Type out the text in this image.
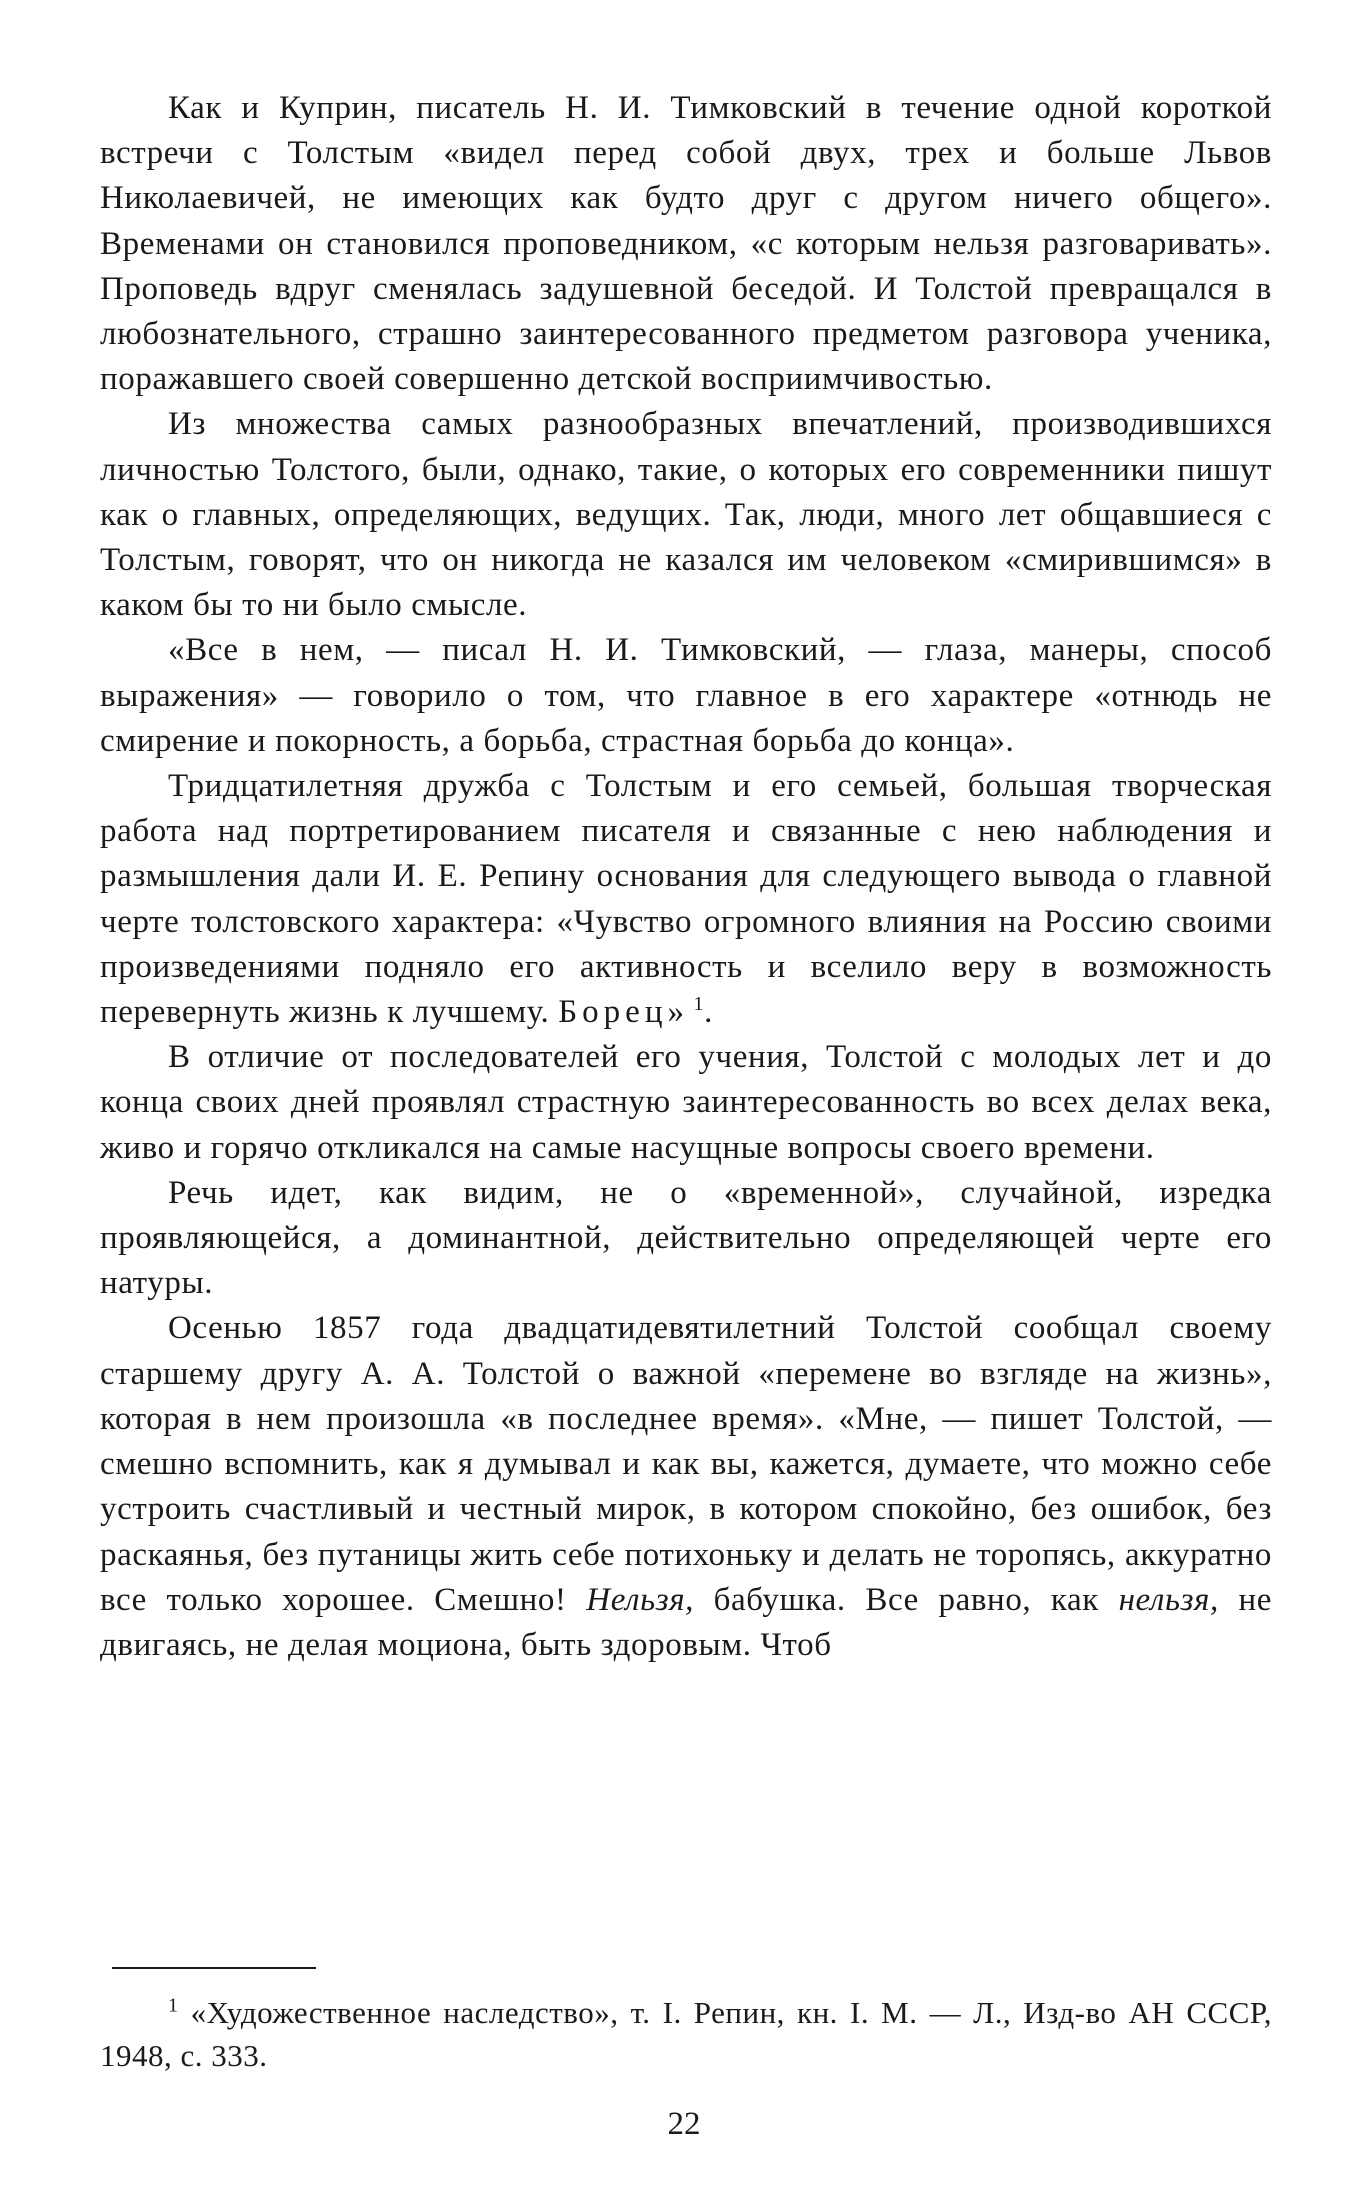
Как и Куприн, писатель Н. И. Тимковский в течение одной короткой встречи с Толстым «видел перед собой двух, трех и больше Львов Николаевичей, не имеющих как будто друг с другом ничего общего». Временами он становился проповедником, «с которым нельзя разговаривать». Проповедь вдруг сменялась задушевной беседой. И Толстой превращался в любознательного, страшно заинтересованного предметом разговора ученика, поражавшего своей совершенно детской восприимчивостью.

Из множества самых разнообразных впечатлений, производившихся личностью Толстого, были, однако, такие, о которых его современники пишут как о главных, определяющих, ведущих. Так, люди, много лет общавшиеся с Толстым, говорят, что он никогда не казался им человеком «смирившимся» в каком бы то ни было смысле.

«Все в нем, — писал Н. И. Тимковский, — глаза, манеры, способ выражения» — говорило о том, что главное в его характере «отнюдь не смирение и покорность, а борьба, страстная борьба до конца».

Тридцатилетняя дружба с Толстым и его семьей, большая творческая работа над портретированием писателя и связанные с нею наблюдения и размышления дали И. Е. Репину основания для следующего вывода о главной черте толстовского характера: «Чувство огромного влияния на Россию своими произведениями подняло его активность и вселило веру в возможность перевернуть жизнь к лучшему. Борец» $^1$.

В отличие от последователей его учения, Толстой с молодых лет и до конца своих дней проявлял страстную заинтересованность во всех делах века, живо и горячо откликался на самые насущные вопросы своего времени.

Речь идет, как видим, не о «временной», случайной, изредка проявляющейся, а доминантной, действительно определяющей черте его натуры.

Осенью 1857 года двадцатидевятилетний Толстой сообщал своему старшему другу А. А. Толстой о важной «перемене во взгляде на жизнь», которая в нем произошла «в последнее время». «Мне, — пишет Толстой, — смешно вспомнить, как я думывал и как вы, кажется, думаете, что можно себе устроить счастливый и честный мирок, в котором спокойно, без ошибок, без раскаянья, без путаницы жить себе потихоньку и делать не торопясь, аккуратно все только хорошее. Смешно! Нельзя, бабушка. Все равно, как нельзя, не двигаясь, не делая моциона, быть здоровым. Чтоб

$^1$ «Художественное наследство», т. I. Репин, кн. I. М. — Л., Изд-во АН СССР, 1948, с. 333.

22
